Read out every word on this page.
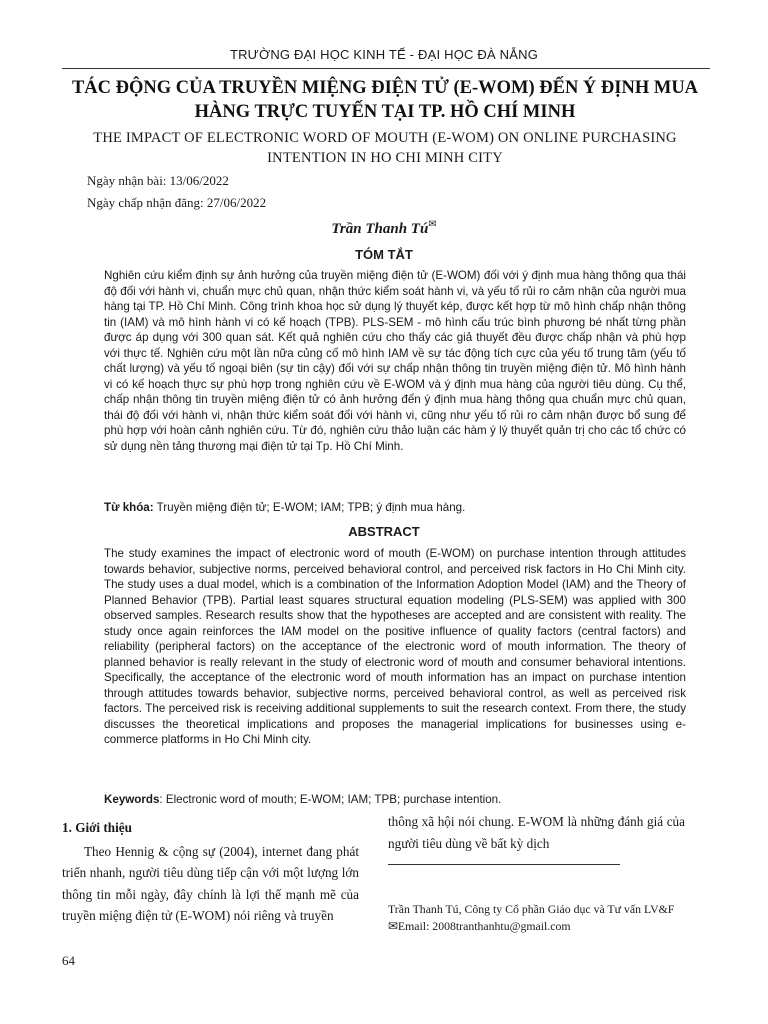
TRƯỜNG ĐẠI HỌC KINH TẾ - ĐẠI HỌC ĐÀ NẴNG
TÁC ĐỘNG CỦA TRUYỀN MIỆNG ĐIỆN TỬ (E-WOM) ĐẾN Ý ĐỊNH MUA HÀNG TRỰC TUYẾN TẠI TP. HỒ CHÍ MINH
THE IMPACT OF ELECTRONIC WORD OF MOUTH (E-WOM) ON ONLINE PURCHASING INTENTION IN HO CHI MINH CITY
Ngày nhận bài: 13/06/2022
Ngày chấp nhận đăng: 27/06/2022
Trần Thanh Tú✉
TÓM TẮT
Nghiên cứu kiểm định sự ảnh hưởng của truyền miệng điện tử (E-WOM) đối với ý định mua hàng thông qua thái độ đối với hành vi, chuẩn mực chủ quan, nhận thức kiểm soát hành vi, và yếu tố rủi ro cảm nhận của người mua hàng tại TP. Hồ Chí Minh. Công trình khoa học sử dụng lý thuyết kép, được kết hợp từ mô hình chấp nhận thông tin (IAM) và mô hình hành vi có kế hoạch (TPB). PLS-SEM - mô hình cấu trúc bình phương bé nhất từng phần được áp dụng với 300 quan sát. Kết quả nghiên cứu cho thấy các giả thuyết đều được chấp nhận và phù hợp với thực tế. Nghiên cứu một lần nữa củng cố mô hình IAM về sự tác động tích cực của yếu tố trung tâm (yếu tố chất lượng) và yếu tố ngoại biên (sự tin cậy) đối với sự chấp nhận thông tin truyền miệng điện tử. Mô hình hành vi có kế hoạch thực sự phù hợp trong nghiên cứu về E-WOM và ý định mua hàng của người tiêu dùng. Cụ thể, chấp nhận thông tin truyền miệng điện tử có ảnh hưởng đến ý định mua hàng thông qua chuẩn mực chủ quan, thái độ đối với hành vi, nhận thức kiểm soát đối với hành vi, cũng như yếu tố rủi ro cảm nhận được bổ sung để phù hợp với hoàn cảnh nghiên cứu. Từ đó, nghiên cứu thảo luận các hàm ý lý thuyết quản trị cho các tổ chức có sử dụng nền tảng thương mại điện tử tại Tp. Hồ Chí Minh.
Từ khóa: Truyền miệng điện tử; E-WOM; IAM; TPB; ý định mua hàng.
ABSTRACT
The study examines the impact of electronic word of mouth (E-WOM) on purchase intention through attitudes towards behavior, subjective norms, perceived behavioral control, and perceived risk factors in Ho Chi Minh city. The study uses a dual model, which is a combination of the Information Adoption Model (IAM) and the Theory of Planned Behavior (TPB). Partial least squares structural equation modeling (PLS-SEM) was applied with 300 observed samples. Research results show that the hypotheses are accepted and are consistent with reality. The study once again reinforces the IAM model on the positive influence of quality factors (central factors) and reliability (peripheral factors) on the acceptance of the electronic word of mouth information. The theory of planned behavior is really relevant in the study of electronic word of mouth and consumer behavioral intentions. Specifically, the acceptance of the electronic word of mouth information has an impact on purchase intention through attitudes towards behavior, subjective norms, perceived behavioral control, as well as perceived risk factors. The perceived risk is receiving additional supplements to suit the research context. From there, the study discusses the theoretical implications and proposes the managerial implications for businesses using e-commerce platforms in Ho Chi Minh city.
Keywords: Electronic word of mouth; E-WOM; IAM; TPB; purchase intention.
1. Giới thiệu

Theo Hennig & cộng sự (2004), internet đang phát triển nhanh, người tiêu dùng tiếp cận với một lượng lớn thông tin mỗi ngày, đây chính là lợi thế mạnh mẽ của truyền miệng điện tử (E-WOM) nói riêng và truyền

thông xã hội nói chung. E-WOM là những đánh giá của người tiêu dùng về bất kỳ dịch

Trần Thanh Tú, Công ty Cổ phần Giáo dục và Tư vấn LV&F
✉Email: 2008tranthanhtu@gmail.com
64
